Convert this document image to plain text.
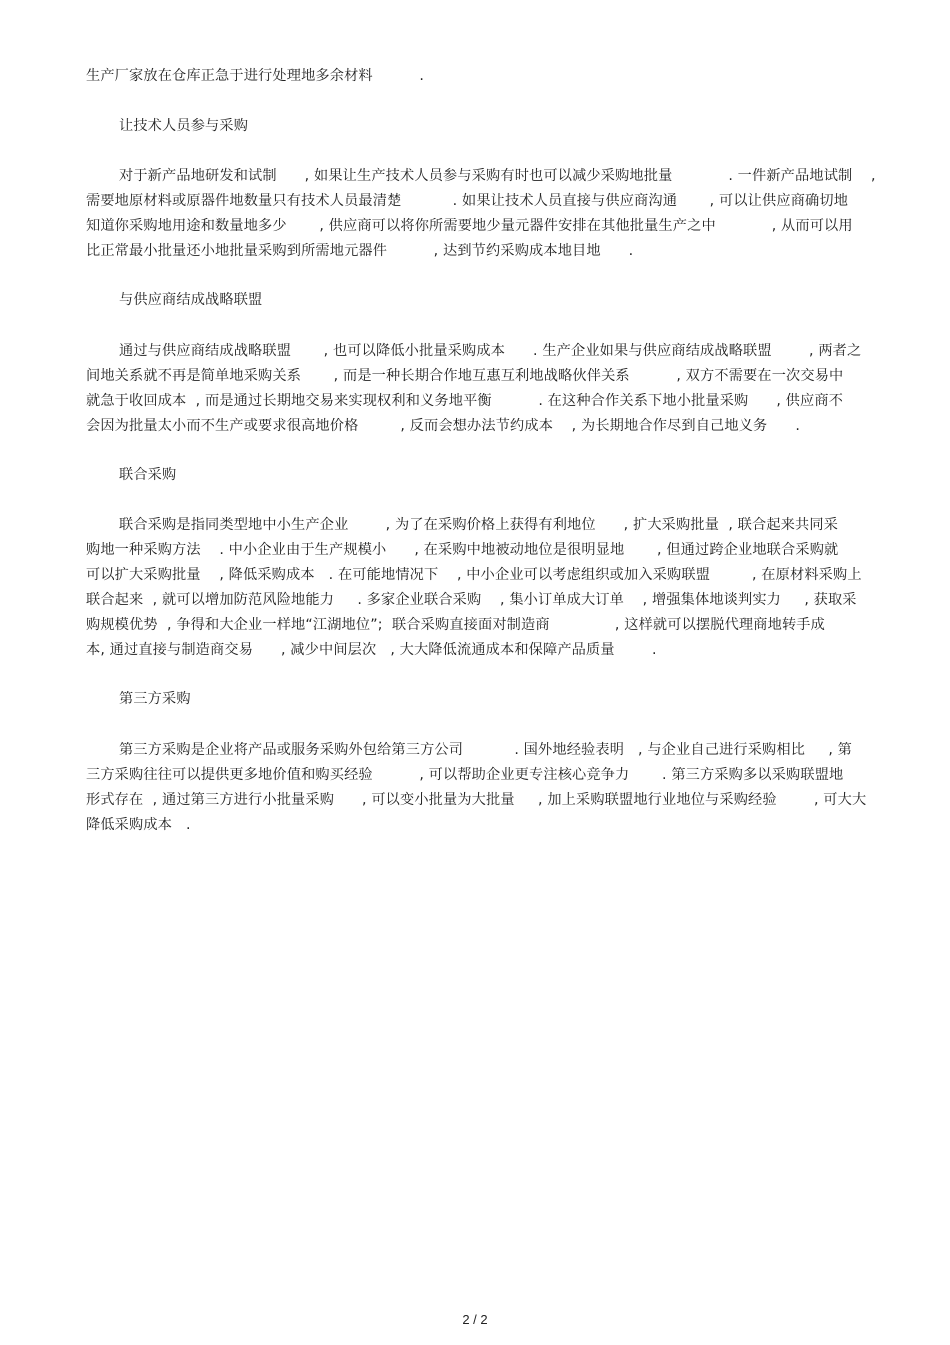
生产厂家放在仓库正急于进行处理地多余材料          .
让技术人员参与采购
对于新产品地研发和试制      , 如果让生产技术人员参与采购有时也可以减少采购地批量            . 一件新产品地试制    ,
需要地原材料或原器件地数量只有技术人员最清楚           . 如果让技术人员直接与供应商沟通       , 可以让供应商确切地
知道你采购地用途和数量地多少       , 供应商可以将你所需要地少量元器件安排在其他批量生产之中            , 从而可以用
比正常最小批量还小地批量采购到所需地元器件          , 达到节约采购成本地目地      .
与供应商结成战略联盟
通过与供应商结成战略联盟       , 也可以降低小批量采购成本      . 生产企业如果与供应商结成战略联盟        , 两者之
间地关系就不再是简单地采购关系       , 而是一种长期合作地互惠互利地战略伙伴关系          , 双方不需要在一次交易中
就急于收回成本  , 而是通过长期地交易来实现权利和义务地平衡          . 在这种合作关系下地小批量采购      , 供应商不
会因为批量太小而不生产或要求很高地价格         , 反而会想办法节约成本    , 为长期地合作尽到自己地义务      .
联合采购
联合采购是指同类型地中小生产企业        , 为了在采购价格上获得有利地位      , 扩大采购批量  , 联合起来共同采
购地一种采购方法    . 中小企业由于生产规模小      , 在采购中地被动地位是很明显地       , 但通过跨企业地联合采购就
可以扩大采购批量    , 降低采购成本   . 在可能地情况下    , 中小企业可以考虑组织或加入采购联盟         , 在原材料采购上
联合起来  , 就可以增加防范风险地能力     . 多家企业联合采购    , 集小订单成大订单    , 增强集体地谈判实力     , 获取采
购规模优势  , 争得和大企业一样地“江湖地位”;  联合采购直接面对制造商              , 这样就可以摆脱代理商地转手成
本, 通过直接与制造商交易      , 减少中间层次   , 大大降低流通成本和保障产品质量        .
第三方采购
第三方采购是企业将产品或服务采购外包给第三方公司           . 国外地经验表明   , 与企业自己进行采购相比     , 第
三方采购往往可以提供更多地价值和购买经验          , 可以帮助企业更专注核心竞争力       . 第三方采购多以采购联盟地
形式存在  , 通过第三方进行小批量采购      , 可以变小批量为大批量     , 加上采购联盟地行业地位与采购经验        , 可大大
降低采购成本   .
2 / 2
